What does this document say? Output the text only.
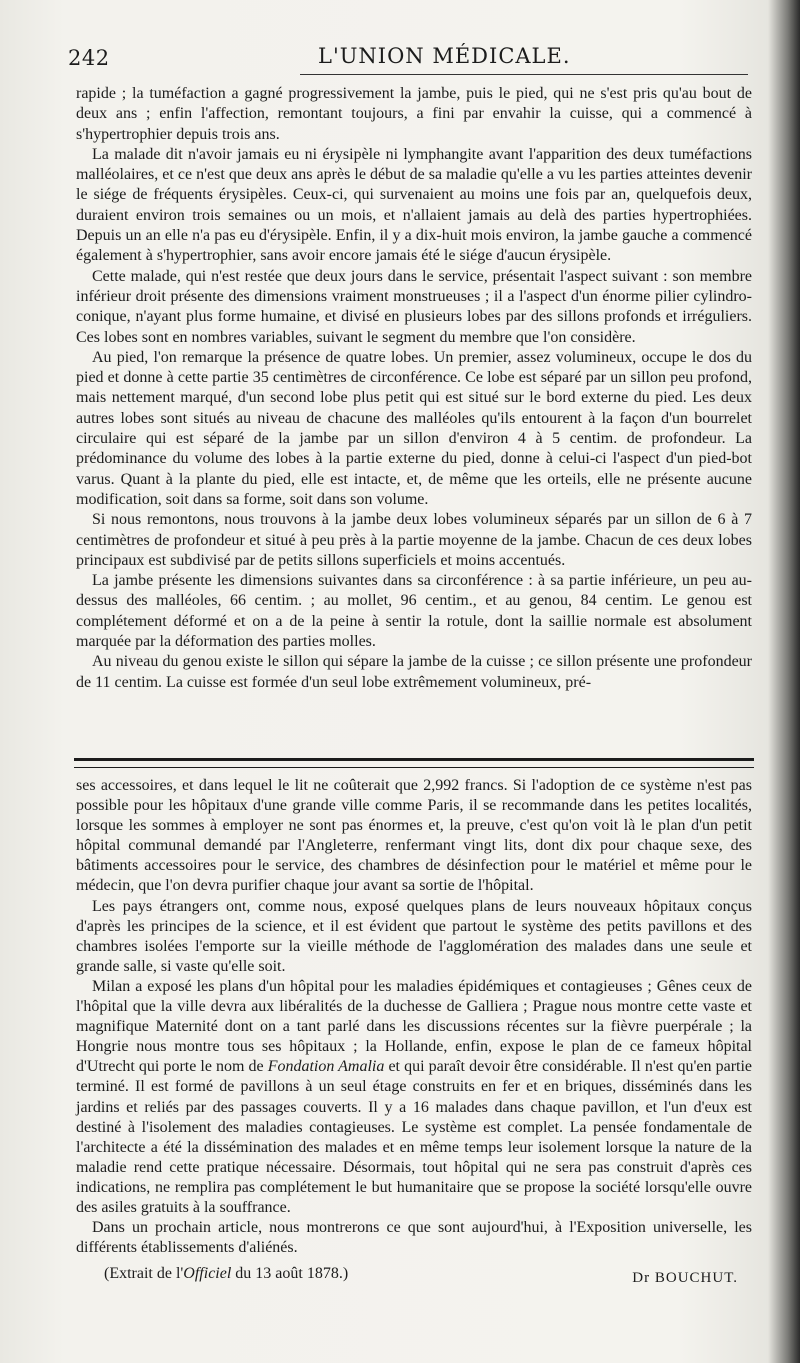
242	L'UNION MÉDICALE.

rapide ; la tuméfaction a gagné progressivement la jambe, puis le pied, qui ne s'est pris qu'au bout de deux ans ; enfin l'affection, remontant toujours, a fini par envahir la cuisse, qui a commencé à s'hypertrophier depuis trois ans.

La malade dit n'avoir jamais eu ni érysipèle ni lymphangite avant l'apparition des deux tuméfactions malléolaires, et ce n'est que deux ans après le début de sa maladie qu'elle a vu les parties atteintes devenir le siége de fréquents érysipèles. Ceux-ci, qui survenaient au moins une fois par an, quelquefois deux, duraient environ trois semaines ou un mois, et n'allaient jamais au delà des parties hypertrophiées. Depuis un an elle n'a pas eu d'érysipèle. Enfin, il y a dix-huit mois environ, la jambe gauche a commencé également à s'hypertrophier, sans avoir encore jamais été le siége d'aucun érysipèle.

Cette malade, qui n'est restée que deux jours dans le service, présentait l'aspect suivant : son membre inférieur droit présente des dimensions vraiment monstrueuses ; il a l'aspect d'un énorme pilier cylindro-conique, n'ayant plus forme humaine, et divisé en plusieurs lobes par des sillons profonds et irréguliers. Ces lobes sont en nombres variables, suivant le segment du membre que l'on considère.

Au pied, l'on remarque la présence de quatre lobes. Un premier, assez volumineux, occupe le dos du pied et donne à cette partie 35 centimètres de circonférence. Ce lobe est séparé par un sillon peu profond, mais nettement marqué, d'un second lobe plus petit qui est situé sur le bord externe du pied. Les deux autres lobes sont situés au niveau de chacune des malléoles qu'ils entourent à la façon d'un bourrelet circulaire qui est séparé de la jambe par un sillon d'environ 4 à 5 centim. de profondeur. La prédominance du volume des lobes à la partie externe du pied, donne à celui-ci l'aspect d'un pied-bot varus. Quant à la plante du pied, elle est intacte, et, de même que les orteils, elle ne présente aucune modification, soit dans sa forme, soit dans son volume.

Si nous remontons, nous trouvons à la jambe deux lobes volumineux séparés par un sillon de 6 à 7 centimètres de profondeur et situé à peu près à la partie moyenne de la jambe. Chacun de ces deux lobes principaux est subdivisé par de petits sillons superficiels et moins accentués.

La jambe présente les dimensions suivantes dans sa circonférence : à sa partie inférieure, un peu au-dessus des malléoles, 66 centim. ; au mollet, 96 centim., et au genou, 84 centim. Le genou est complétement déformé et on a de la peine à sentir la rotule, dont la saillie normale est absolument marquée par la déformation des parties molles.

Au niveau du genou existe le sillon qui sépare la jambe de la cuisse ; ce sillon présente une profondeur de 11 centim. La cuisse est formée d'un seul lobe extrêmement volumineux, pré-

ses accessoires, et dans lequel le lit ne coûterait que 2,992 francs. Si l'adoption de ce système n'est pas possible pour les hôpitaux d'une grande ville comme Paris, il se recommande dans les petites localités, lorsque les sommes à employer ne sont pas énormes et, la preuve, c'est qu'on voit là le plan d'un petit hôpital communal demandé par l'Angleterre, renfermant vingt lits, dont dix pour chaque sexe, des bâtiments accessoires pour le service, des chambres de désinfection pour le matériel et même pour le médecin, que l'on devra purifier chaque jour avant sa sortie de l'hôpital.

Les pays étrangers ont, comme nous, exposé quelques plans de leurs nouveaux hôpitaux conçus d'après les principes de la science, et il est évident que partout le système des petits pavillons et des chambres isolées l'emporte sur la vieille méthode de l'agglomération des malades dans une seule et grande salle, si vaste qu'elle soit.

Milan a exposé les plans d'un hôpital pour les maladies épidémiques et contagieuses ; Gênes ceux de l'hôpital que la ville devra aux libéralités de la duchesse de Galliera ; Prague nous montre cette vaste et magnifique Maternité dont on a tant parlé dans les discussions récentes sur la fièvre puerpérale ; la Hongrie nous montre tous ses hôpitaux ; la Hollande, enfin, expose le plan de ce fameux hôpital d'Utrecht qui porte le nom de Fondation Amalia et qui paraît devoir être considérable. Il n'est qu'en partie terminé. Il est formé de pavillons à un seul étage construits en fer et en briques, disséminés dans les jardins et reliés par des passages couverts. Il y a 16 malades dans chaque pavillon, et l'un d'eux est destiné à l'isolement des maladies contagieuses. Le système est complet. La pensée fondamentale de l'architecte a été la dissémination des malades et en même temps leur isolement lorsque la nature de la maladie rend cette pratique nécessaire. Désormais, tout hôpital qui ne sera pas construit d'après ces indications, ne remplira pas complétement le but humanitaire que se propose la société lorsqu'elle ouvre des asiles gratuits à la souffrance.

Dans un prochain article, nous montrerons ce que sont aujourd'hui, à l'Exposition universelle, les différents établissements d'aliénés.

(Extrait de l'Officiel du 13 août 1878.)	Dr BOUCHUT.
